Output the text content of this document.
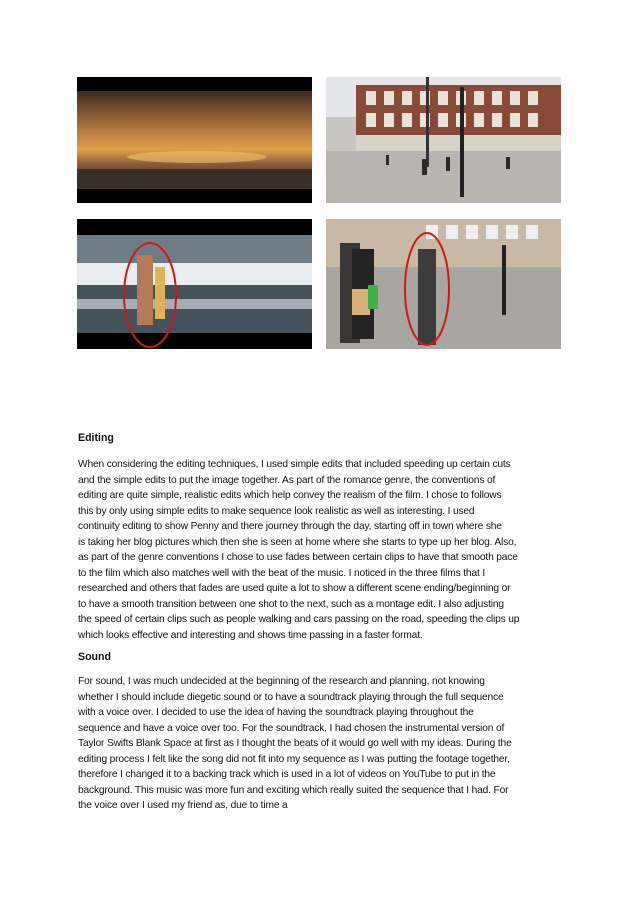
Editing
When considering the editing techniques, I used simple edits that included speeding up certain cuts
and the simple edits to put the image together. As part of the romance genre, the conventions of
editing are quite simple, realistic edits which help convey the realism of the film. I chose to follows
this by only using simple edits to make sequence look realistic as well as interesting. I used
continuity editing to show Penny and there journey through the day, starting off in town where she
is taking her blog pictures which then she is seen at home where she starts to type up her blog. Also,
as part of the genre conventions I chose to use fades between certain clips to have that smooth pace
to the film which also matches well with the beat of the music. I noticed in the three films that I
researched and others that fades are used quite a lot to show a different scene ending/beginning or
to have a smooth transition between one shot to the next, such as a montage edit. I also adjusting
the speed of certain clips such as people walking and cars passing on the road, speeding the clips up
which looks effective and interesting and shows time passing in a faster format.
Sound
For sound, I was much undecided at the beginning of the research and planning, not knowing
whether I should include diegetic sound or to have a soundtrack playing through the full sequence
with a voice over. I decided to use the idea of having the soundtrack playing throughout the
sequence and have a voice over too. For the soundtrack, I had chosen the instrumental version of
Taylor Swifts Blank Space at first as I thought the beats of it would go well with my ideas. During the
editing process I felt like the song did not fit into my sequence as I was putting the footage together,
therefore I changed it to a backing track which is used in a lot of videos on YouTube to put in the
background. This music was more fun and exciting which really suited the sequence that I had. For
the voice over I used my friend as, due to time a
